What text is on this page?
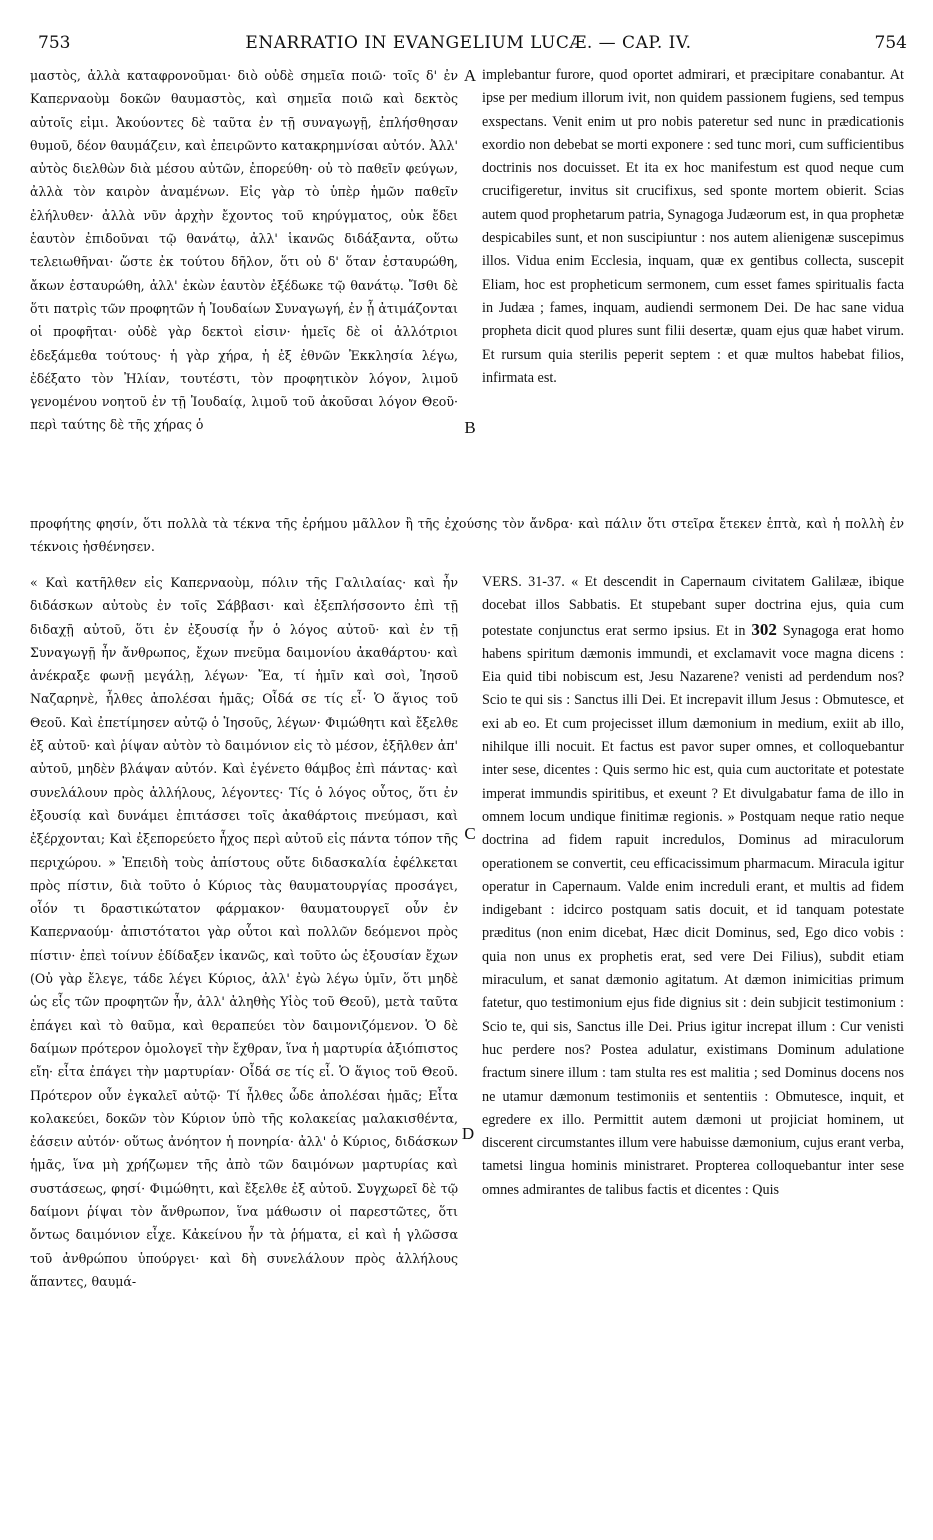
753	ENARRATIO IN EVANGELIUM LUCÆ. — CAP. IV.	754

μαστὸς, ἀλλὰ καταφρονοῦμαι· διὸ οὐδὲ σημεῖα ποιῶ· τοῖς δ' ἐν Καπερναοὺμ δοκῶν θαυμαστὸς, καὶ σημεῖα ποιῶ καὶ δεκτὸς αὐτοῖς εἰμι. Ἀκούοντες δὲ ταῦτα ἐν τῇ συναγωγῇ, ἐπλήσθησαν θυμοῦ, δέον θαυμάζειν, καὶ ἐπειρῶντο κατακρημνίσαι αὐτόν. Ἀλλ' αὐτὸς διελθὼν διὰ μέσου αὐτῶν, ἐπορεύθη· οὐ τὸ παθεῖν φεύγων, ἀλλὰ τὸν καιρὸν ἀναμένων. Εἰς γὰρ τὸ ὑπὲρ ἡμῶν παθεῖν ἐλήλυθεν· ἀλλὰ νῦν ἀρχὴν ἔχοντος τοῦ κηρύγματος, οὐκ ἔδει ἑαυτὸν ἐπιδοῦναι τῷ θανάτῳ, ἀλλ' ἱκανῶς διδάξαντα, οὕτω τελειωθῆναι· ὥστε ἐκ τούτου δῆλον, ὅτι οὐ δ' ὅταν ἐσταυρώθη, ἄκων ἐσταυρώθη, ἀλλ' ἑκὼν ἑαυτὸν ἐξέδωκε τῷ θανάτῳ. Ἴσθι δὲ ὅτι πατρὶς τῶν προφητῶν ἡ Ἰουδαίων Συναγωγή, ἐν ᾗ ἀτιμάζονται οἱ προφῆται· οὐδὲ γὰρ δεκτοὶ εἰσιν· ἡμεῖς δὲ οἱ ἀλλότριοι ἐδεξάμεθα τούτους· ἡ γὰρ χήρα, ἡ ἐξ ἐθνῶν Ἐκκλησία λέγω, ἐδέξατο τὸν Ἠλίαν, τουτέστι, τὸν προφητικὸν λόγον, λιμοῦ γενομένου νοητοῦ ἐν τῇ Ἰουδαίᾳ, λιμοῦ τοῦ ἀκοῦσαι λόγον Θεοῦ· περὶ ταύτης δὲ τῆς χήρας ὁ

implebantur furore, quod oportet admirari, et præcipitare conabantur. At ipse per medium illorum ivit, non quidem passionem fugiens, sed tempus exspectans. Venit enim ut pro nobis pateretur sed nunc in prædicationis exordio non debebat se morti exponere : sed tunc mori, cum sufficientibus doctrinis nos docuisset. Et ita ex hoc manifestum est quod neque cum crucifigeretur, invitus sit crucifixus, sed sponte mortem obierit. Scias autem quod prophetarum patria, Synagoga Judæorum est, in qua prophetæ despicabiles sunt, et non suscipiuntur : nos autem alienigenæ suscepimus illos. Vidua enim Ecclesia, inquam, quæ ex gentibus collecta, suscepit Eliam, hoc est propheticum sermonem, cum esset fames spiritualis facta in Judæa ; fames, inquam, audiendi sermonem Dei. De hac sane vidua propheta dicit quod plures sunt filii desertæ, quam ejus quæ habet virum. Et rursum quia sterilis peperit septem : et quæ multos habebat filios, infirmata est.

προφήτης φησίν, ὅτι πολλὰ τὰ τέκνα τῆς ἐρήμου μᾶλλον ἢ τῆς ἐχούσης τὸν ἄνδρα· καὶ πάλιν ὅτι στεῖρα ἔτεκεν ἑπτὰ, καὶ ἡ πολλὴ ἐν τέκνοις ἠσθένησεν.

« Καὶ κατῆλθεν εἰς Καπερναοὺμ, πόλιν τῆς Γαλιλαίας· καὶ ἦν διδάσκων αὐτοὺς ἐν τοῖς Σάββασι· καὶ ἐξεπλήσσοντο ἐπὶ τῇ διδαχῇ αὐτοῦ, ὅτι ἐν ἐξουσίᾳ ἦν ὁ λόγος αὐτοῦ· καὶ ἐν τῇ Συναγωγῇ ἦν ἄνθρωπος, ἔχων πνεῦμα δαιμονίου ἀκαθάρτου· καὶ ἀνέκραξε φωνῇ μεγάλῃ, λέγων· Ἔα, τί ἡμῖν καὶ σοὶ, Ἰησοῦ Ναζαρηνὲ, ἦλθες ἀπολέσαι ἡμᾶς; Οἶδά σε τίς εἶ· Ὁ ἅγιος τοῦ Θεοῦ. Καὶ ἐπετίμησεν αὐτῷ ὁ Ἰησοῦς, λέγων· Φιμώθητι καὶ ἔξελθε ἐξ αὐτοῦ· καὶ ῥίψαν αὐτὸν τὸ δαιμόνιον εἰς τὸ μέσον, ἐξῆλθεν ἀπ' αὐτοῦ, μηδὲν βλάψαν αὐτόν. Καὶ ἐγένετο θάμβος ἐπὶ πάντας· καὶ συνελάλουν πρὸς ἀλλήλους, λέγοντες· Τίς ὁ λόγος οὗτος, ὅτι ἐν ἐξουσίᾳ καὶ δυνάμει ἐπιτάσσει τοῖς ἀκαθάρτοις πνεύμασι, καὶ ἐξέρχονται; Καὶ ἐξεπορεύετο ἦχος περὶ αὐτοῦ εἰς πάντα τόπον τῆς περιχώρου. » Ἐπειδὴ τοὺς ἀπίστους οὔτε διδασκαλία ἐφέλκεται πρὸς πίστιν, διὰ τοῦτο ὁ Κύριος τὰς θαυματουργίας προσάγει, οἷόν τι δραστικώτατον φάρμακον· θαυματουργεῖ οὖν ἐν Καπερναούμ· ἀπιστότατοι γὰρ οὗτοι καὶ πολλῶν δεόμενοι πρὸς πίστιν· ἐπεὶ τοίνυν ἐδίδαξεν ἱκανῶς, καὶ τοῦτο ὡς ἐξουσίαν ἔχων (Οὐ γὰρ ἔλεγε, τάδε λέγει Κύριος, ἀλλ' ἐγὼ λέγω ὑμῖν, ὅτι μηδὲ ὡς εἷς τῶν προφητῶν ἦν, ἀλλ' ἀληθὴς Υἱὸς τοῦ Θεοῦ), μετὰ ταῦτα ἐπάγει καὶ τὸ θαῦμα, καὶ θεραπεύει τὸν δαιμονιζόμενον. Ὁ δὲ δαίμων πρότερον ὁμολογεῖ τὴν ἔχθραν, ἵνα ἡ μαρτυρία ἀξιόπιστος εἴη· εἶτα ἐπάγει τὴν μαρτυρίαν· Οἶδά σε τίς εἶ. Ὁ ἅγιος τοῦ Θεοῦ. Πρότερον οὖν ἐγκαλεῖ αὐτῷ· Τί ἦλθες ὧδε ἀπολέσαι ἡμᾶς; Εἶτα κολακεύει, δοκῶν τὸν Κύριον ὑπὸ τῆς κολακείας μαλακισθέντα, ἐάσειν αὐτόν· οὕτως ἀνόητον ἡ πονηρία· ἀλλ' ὁ Κύριος, διδάσκων ἡμᾶς, ἵνα μὴ χρήζωμεν τῆς ἀπὸ τῶν δαιμόνων μαρτυρίας καὶ συστάσεως, φησί· Φιμώθητι, καὶ ἔξελθε ἐξ αὐτοῦ. Συγχωρεῖ δὲ τῷ δαίμονι ῥίψαι τὸν ἄνθρωπον, ἵνα μάθωσιν οἱ παρεστῶτες, ὅτι ὄντως δαιμόνιον εἶχε. Κἀκείνου ἦν τὰ ῥήματα, εἰ καὶ ἡ γλῶσσα τοῦ ἀνθρώπου ὑπούργει· καὶ δὴ συνελάλουν πρὸς ἀλλήλους ἅπαντες, θαυμά-

VERS. 31-37. « Et descendit in Capernaum civitatem Galilææ, ibique docebat illos Sabbatis. Et stupebant super doctrina ejus, quia cum potestate conjunctus erat sermo ipsius. Et in 302 Synagoga erat homo habens spiritum dæmonis immundi, et exclamavit voce magna dicens : Eia quid tibi nobiscum est, Jesu Nazarene? venisti ad perdendum nos? Scio te qui sis : Sanctus illi Dei. Et increpavit illum Jesus : Obmutesce, et exi ab eo. Et cum projecisset illum dæmonium in medium, exiit ab illo, nihilque illi nocuit. Et factus est pavor super omnes, et colloquebantur inter sese, dicentes : Quis sermo hic est, quia cum auctoritate et potestate imperat immundis spiritibus, et exeunt ? Et divulgabatur fama de illo in omnem locum undique finitimæ regionis. » Postquam neque ratio neque doctrina ad fidem rapuit incredulos, Dominus ad miraculorum operationem se convertit, ceu efficacissimum pharmacum. Miracula igitur operatur in Capernaum. Valde enim increduli erant, et multis ad fidem indigebant : idcirco postquam satis docuit, et id tanquam potestate præditus (non enim dicebat, Hæc dicit Dominus, sed, Ego dico vobis : quia non unus ex prophetis erat, sed vere Dei Filius), subdit etiam miraculum, et sanat dæmonio agitatum. At dæmon inimicitias primum fatetur, quo testimonium ejus fide dignius sit : dein subjicit testimonium : Scio te, qui sis, Sanctus ille Dei. Prius igitur increpat illum : Cur venisti huc perdere nos? Postea adulatur, existimans Dominum adulatione fractum sinere illum : tam stulta res est malitia ; sed Dominus docens nos ne utamur dæmonum testimoniis et sententiis : Obmutesce, inquit, et egredere ex illo. Permittit autem dæmoni ut projiciat hominem, ut discerent circumstantes illum vere habuisse dæmonium, cujus erant verba, tametsi lingua hominis ministraret. Propterea colloquebantur inter sese omnes admirantes de talibus factis et dicentes : Quis

A
B
C
D
